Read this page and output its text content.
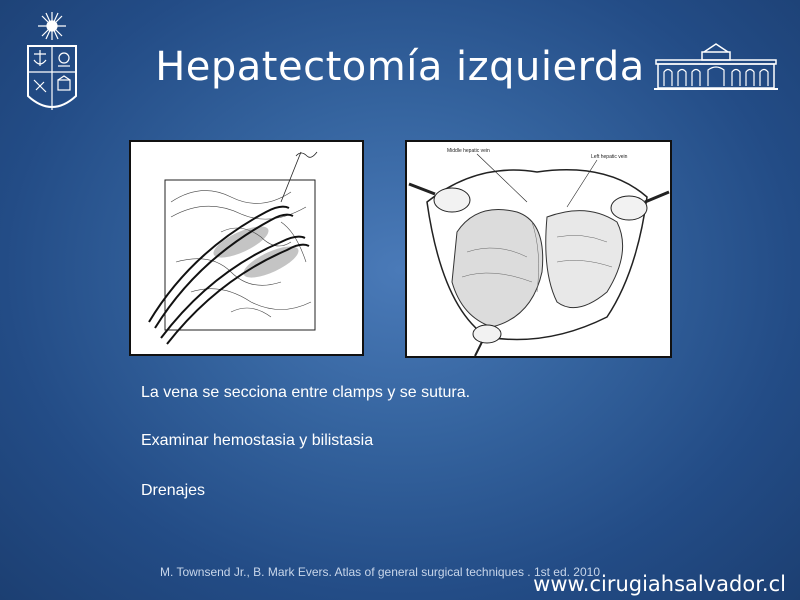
Hepatectomía izquierda
Middle hepatic vein
Left hepatic vein
La vena se secciona entre clamps y se sutura.
Examinar hemostasia y bilistasia
Drenajes
M. Townsend Jr., B. Mark Evers. Atlas of general surgical techniques . 1st ed. 2010
www.cirugiahsalvador.cl
